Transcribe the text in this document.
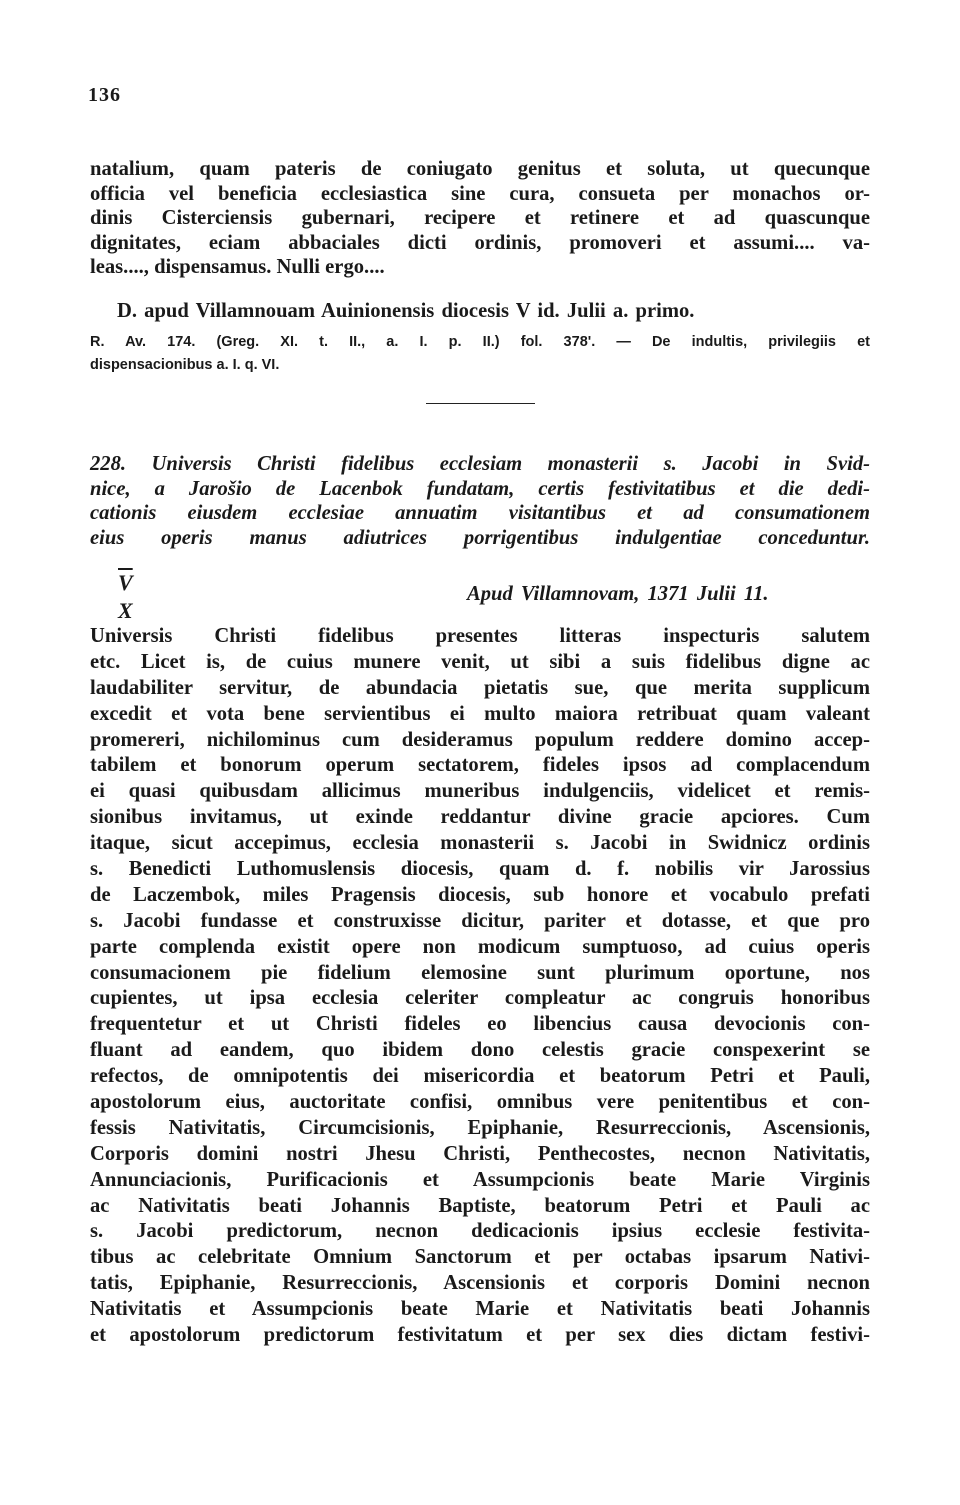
136
natalium, quam pateris de coniugato genitus et soluta, ut quecunque
officia vel beneficia ecclesiastica sine cura, consueta per monachos or-
dinis Cisterciensis gubernari, recipere et retinere et ad quascunque
dignitates, eciam abbaciales dicti ordinis, promoveri et assumi.... va-
leas...., dispensamus. Nulli ergo....
D. apud Villamnouam Auinionensis diocesis V id. Julii a. primo.
R. Av. 174. (Greg. XI. t. II., a. I. p. II.) fol. 378'. — De indultis, privilegiis et
dispensacionibus a. I. q. VI.
228. Universis Christi fidelibus ecclesiam monasterii s. Jacobi in Svid-
nice, a Jarošio de Lacenbok fundatam, certis festivitatibus et die dedi-
cationis eiusdem ecclesiae annuatim visitantibus et ad consumationem
eius operis manus adiutrices porrigentibus indulgentiae conceduntur.
$\overline{V}$
X
Apud Villamnovam, 1371 Julii 11.
Universis Christi fidelibus presentes litteras inspecturis salutem
etc. Licet is, de cuius munere venit, ut sibi a suis fidelibus digne ac
laudabiliter servitur, de abundacia pietatis sue, que merita supplicum
excedit et vota bene servientibus ei multo maiora retribuat quam valeant
promereri, nichilominus cum desideramus populum reddere domino accep-
tabilem et bonorum operum sectatorem, fideles ipsos ad complacendum
ei quasi quibusdam allicimus muneribus indulgenciis, videlicet et remis-
sionibus invitamus, ut exinde reddantur divine gracie apciores. Cum
itaque, sicut accepimus, ecclesia monasterii s. Jacobi in Swidnicz ordinis
s. Benedicti Luthomuslensis diocesis, quam d. f. nobilis vir Jarossius
de Laczembok, miles Pragensis diocesis, sub honore et vocabulo prefati
s. Jacobi fundasse et construxisse dicitur, pariter et dotasse, et que pro
parte complenda existit opere non modicum sumptuoso, ad cuius operis
consumacionem pie fidelium elemosine sunt plurimum oportune, nos
cupientes, ut ipsa ecclesia celeriter compleatur ac congruis honoribus
frequentetur et ut Christi fideles eo libencius causa devocionis con-
fluant ad eandem, quo ibidem dono celestis gracie conspexerint se
refectos, de omnipotentis dei misericordia et beatorum Petri et Pauli,
apostolorum eius, auctoritate confisi, omnibus vere penitentibus et con-
fessis Nativitatis, Circumcisionis, Epiphanie, Resurreccionis, Ascensionis,
Corporis domini nostri Jhesu Christi, Penthecostes, necnon Nativitatis,
Annunciacionis, Purificacionis et Assumpcionis beate Marie Virginis
ac Nativitatis beati Johannis Baptiste, beatorum Petri et Pauli ac
s. Jacobi predictorum, necnon dedicacionis ipsius ecclesie festivita-
tibus ac celebritate Omnium Sanctorum et per octabas ipsarum Nativi-
tatis, Epiphanie, Resurreccionis, Ascensionis et corporis Domini necnon
Nativitatis et Assumpcionis beate Marie et Nativitatis beati Johannis
et apostolorum predictorum festivitatum et per sex dies dictam festivi-
